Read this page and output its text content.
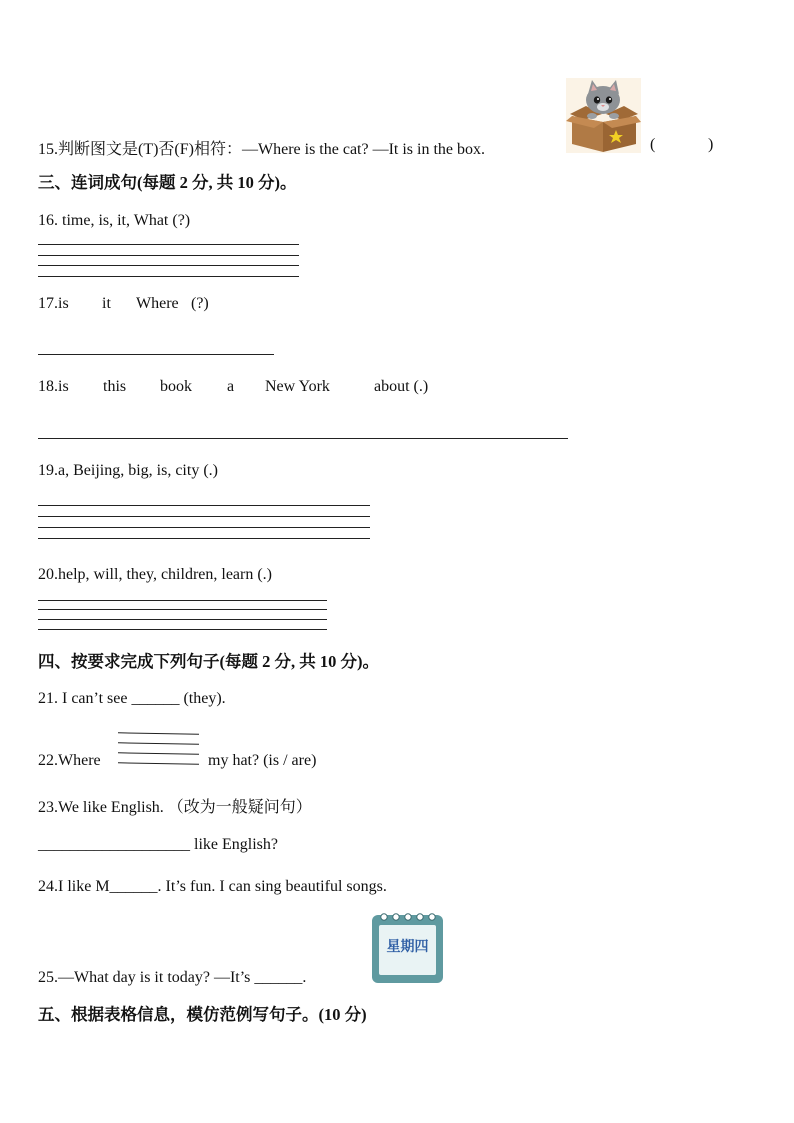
15.判断图文是(T)否(F)相符：—Where is the cat? —It is in the box.	(	)
三、连词成句(每题 2 分, 共 10 分)。
16. time, is, it, What (?)
17.is it Where (?)
18.is this book a New York	about (.)
19.a, Beijing, big, is, city (.)
20.help, will, they, children, learn (.)
四、按要求完成下列句子(每题 2 分, 共 10 分)。
21. I can’t see ______ (they).
22.Where	my hat? (is / are)
23.We like English. （改为一般疑问句）
___________________ like English?
24.I like M______. It’s fun. I can sing beautiful songs.
25.—What day is it today? —It’s ______.
星期四
五、根据表格信息，模仿范例写句子。(10 分)
